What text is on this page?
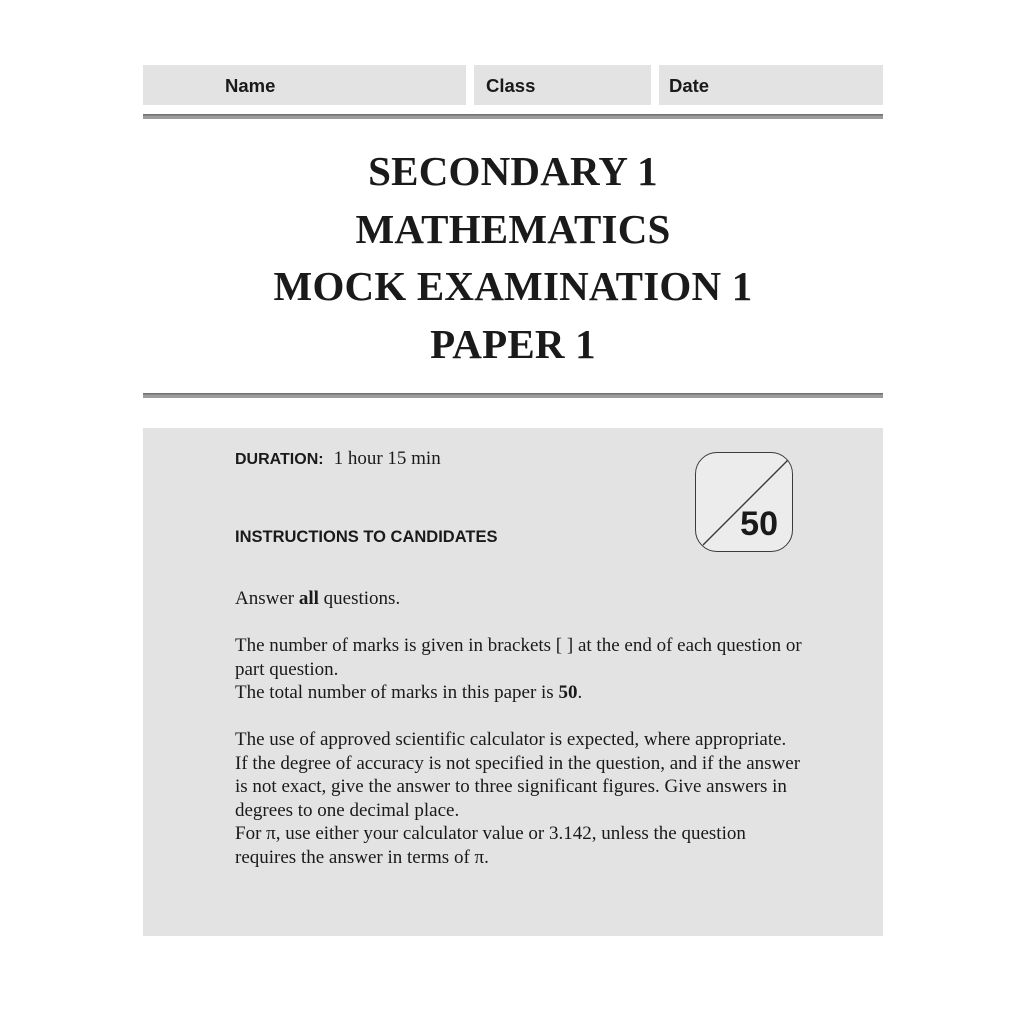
Name	Class	Date
SECONDARY 1
MATHEMATICS
MOCK EXAMINATION 1
PAPER 1
DURATION: 1 hour 15 min
50
INSTRUCTIONS TO CANDIDATES
Answer all questions.
The number of marks is given in brackets [ ] at the end of each question or
part question.
The total number of marks in this paper is 50.
The use of approved scientific calculator is expected, where appropriate.
If the degree of accuracy is not specified in the question, and if the answer
is not exact, give the answer to three significant figures. Give answers in
degrees to one decimal place.
For π, use either your calculator value or 3.142, unless the question
requires the answer in terms of π.
